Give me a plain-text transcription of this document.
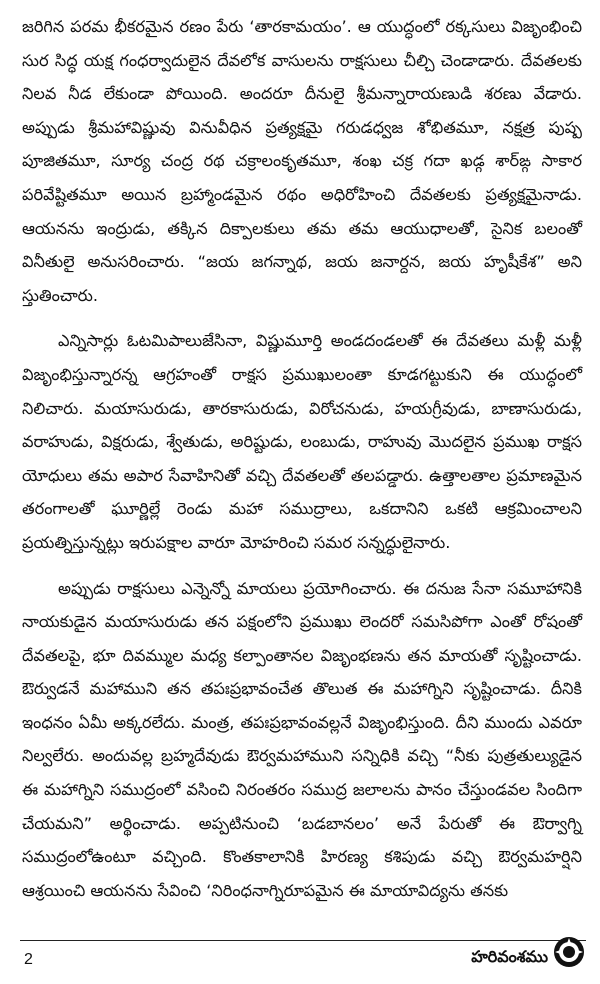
జరిగిన పరమ భీకరమైన రణం పేరు ‘తారకామయం’. ఆ యుద్ధంలో రక్కసులు విజృంభించి సుర సిద్ధ యక్ష గంధర్వాదులైన దేవలోక వాసులను రాక్షసులు చీల్చి చెండాడారు. దేవతలకు నిలవ నీడ లేకుండా పోయింది. అందరూ దీనులై శ్రీమన్నారాయణుడి శరణు వేడారు. అప్పుడు శ్రీమహావిష్ణువు వినువీధిన ప్రత్యక్షమై గరుడధ్వజ శోభితమూ, నక్షత్ర పుష్ప పూజితమూ, సూర్య చంద్ర రథ చక్రాలంకృతమూ, శంఖ చక్ర గదా ఖడ్గ శార్‌ఙ్గ సాకార పరివేష్టితమూ అయిన బ్రహ్మాండమైన రథం అధిరోహించి దేవతలకు ప్రత్యక్షమైనాడు. ఆయనను ఇంద్రుడు, తక్కిన దిక్పాలకులు తమ తమ ఆయుధాలతో, సైనిక బలంతో వినీతులై అనుసరించారు. “జయ జగన్నాథ, జయ జనార్దన, జయ హృషీకేశ” అని స్తుతించారు.

ఎన్నిసార్లు ఓటమిపాలుజేసినా, విష్ణుమూర్తి అండదండలతో ఈ దేవతలు మళ్లీ మళ్లీ విజృంభిస్తున్నారన్న ఆగ్రహంతో రాక్షస ప్రముఖులంతా కూడగట్టుకుని ఈ యుద్ధంలో నిలిచారు. మయాసురుడు, తారకాసురుడు, విరోచనుడు, హయగ్రీవుడు, బాణాసురుడు, వరాహుడు, విక్షరుడు, శ్వేతుడు, అరిష్టుడు, లంబుడు, రాహువు మొదలైన ప్రముఖ రాక్షస యోధులు తమ అపార సేవాహినితో వచ్చి దేవతలతో తలపడ్డారు. ఉత్తాలతాల ప్రమాణమైన తరంగాలతో ఘూర్ణిల్లే రెండు మహా సముద్రాలు, ఒకదానిని ఒకటి ఆక్రమించాలని ప్రయత్నిస్తున్నట్లు ఇరుపక్షాల వారూ మోహరించి సమర సన్నద్ధులైనారు.

అప్పుడు రాక్షసులు ఎన్నెన్నో మాయలు ప్రయోగించారు. ఈ దనుజ సేనా సమూహానికి నాయకుడైన మయాసురుడు తన పక్షంలోని ప్రముఖు లెందరో సమసిపోగా ఎంతో రోషంతో దేవతలపై, భూ దివమ్ముల మధ్య కల్పాంతానల విజృంభణను తన మాయతో సృష్టించాడు. ఔర్వుడనే మహాముని తన తపఃప్రభావంచేత తొలుత ఈ మహాగ్నిని సృష్టించాడు. దీనికి ఇంధనం ఏమీ అక్కరలేదు. మంత్ర, తపఃప్రభావంవల్లనే విజృంభిస్తుంది. దీని ముందు ఎవరూ నిల్వలేరు. అందువల్ల బ్రహ్మదేవుడు ఔర్వమహాముని సన్నిధికి వచ్చి “నీకు పుత్రతుల్యుడైన ఈ మహాగ్నిని సముద్రంలో వసించి నిరంతరం సముద్ర జలాలను పానం చేస్తుండవల సిందిగా చేయమని” అర్థించాడు. అప్పటినుంచి ‘బడబానలం’ అనే పేరుతో ఈ ఔర్వాగ్ని సముద్రంలోఉంటూ వచ్చింది. కొంతకాలానికి హిరణ్య కశిపుడు వచ్చి ఔర్వమహర్షిని ఆశ్రయించి ఆయనను సేవించి ‘నిరింధనాగ్నిరూపమైన ఈ మాయావిద్యను తనకు

2	హరివంశము
